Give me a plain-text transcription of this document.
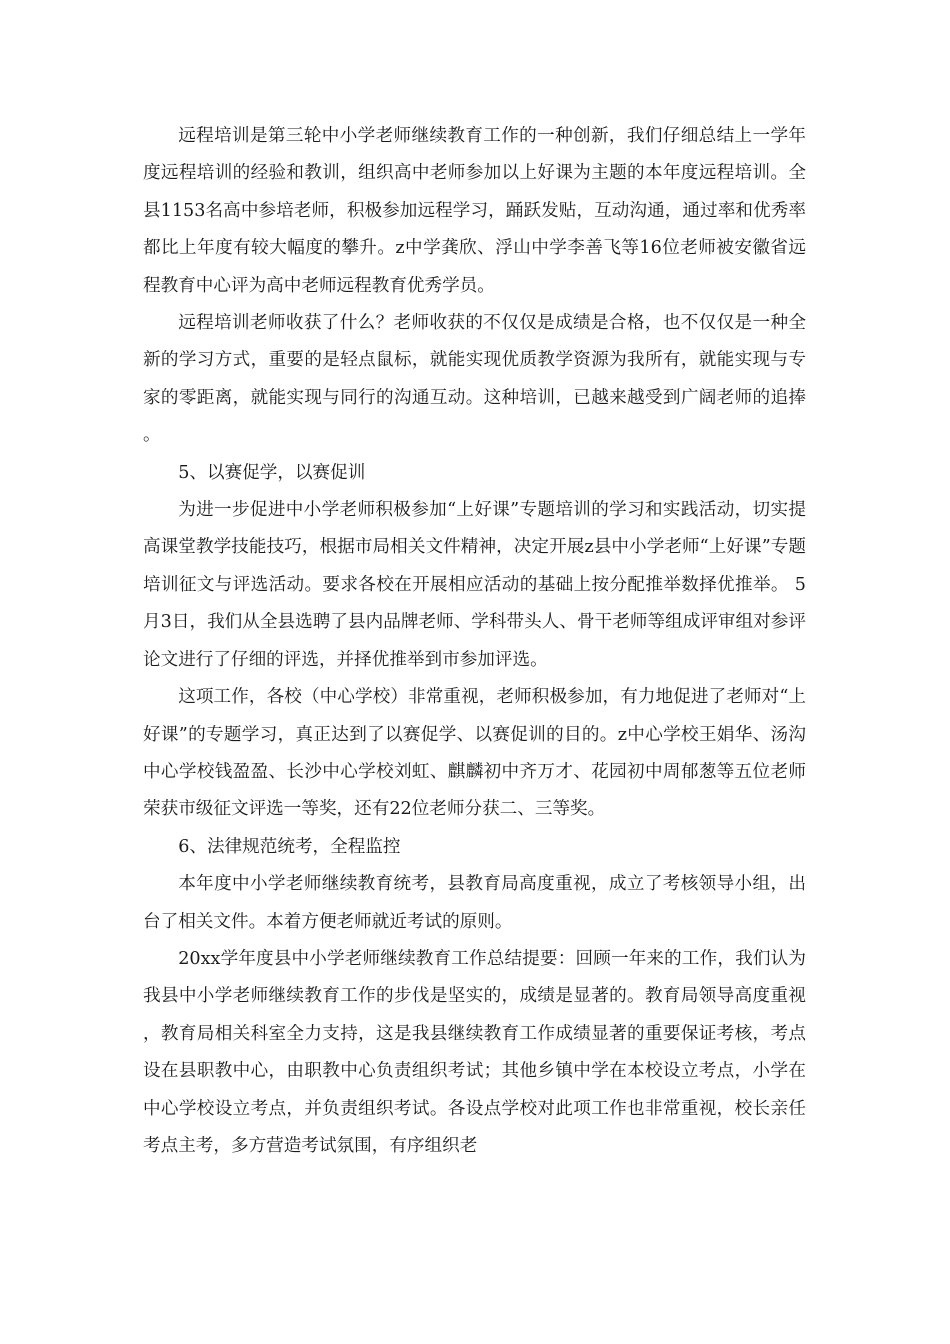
远程培训是第三轮中小学老师继续教育工作的一种创新，我们仔细总结上一学年度远程培训的经验和教训，组织高中老师参加以上好课为主题的本年度远程培训。全县1153名高中参培老师，积极参加远程学习，踊跃发贴，互动沟通，通过率和优秀率都比上年度有较大幅度的攀升。z中学龚欣、浮山中学李善飞等16位老师被安徽省远程教育中心评为高中老师远程教育优秀学员。

远程培训老师收获了什么？老师收获的不仅仅是成绩是合格，也不仅仅是一种全新的学习方式，重要的是轻点鼠标，就能实现优质教学资源为我所有，就能实现与专家的零距离，就能实现与同行的沟通互动。这种培训，已越来越受到广阔老师的追捧。

5、以赛促学，以赛促训

为进一步促进中小学老师积极参加“上好课”专题培训的学习和实践活动，切实提高课堂教学技能技巧，根据市局相关文件精神，决定开展z县中小学老师“上好课”专题培训征文与评选活动。要求各校在开展相应活动的基础上按分配推举数择优推举。 5月3日，我们从全县选聘了县内品牌老师、学科带头人、骨干老师等组成评审组对参评论文进行了仔细的评选，并择优推举到市参加评选。

这项工作，各校（中心学校）非常重视，老师积极参加，有力地促进了老师对“上好课”的专题学习，真正达到了以赛促学、以赛促训的目的。z中心学校王娟华、汤沟中心学校钱盈盈、长沙中心学校刘虹、麒麟初中齐万才、花园初中周郁葱等五位老师荣获市级征文评选一等奖，还有22位老师分获二、三等奖。

6、法律规范统考，全程监控

本年度中小学老师继续教育统考，县教育局高度重视，成立了考核领导小组，出台了相关文件。本着方便老师就近考试的原则。

20xx学年度县中小学老师继续教育工作总结提要：回顾一年来的工作，我们认为我县中小学老师继续教育工作的步伐是坚实的，成绩是显著的。教育局领导高度重视，教育局相关科室全力支持，这是我县继续教育工作成绩显著的重要保证考核，考点设在县职教中心，由职教中心负责组织考试；其他乡镇中学在本校设立考点，小学在中心学校设立考点，并负责组织考试。各设点学校对此项工作也非常重视，校长亲任考点主考，多方营造考试氛围，有序组织老
